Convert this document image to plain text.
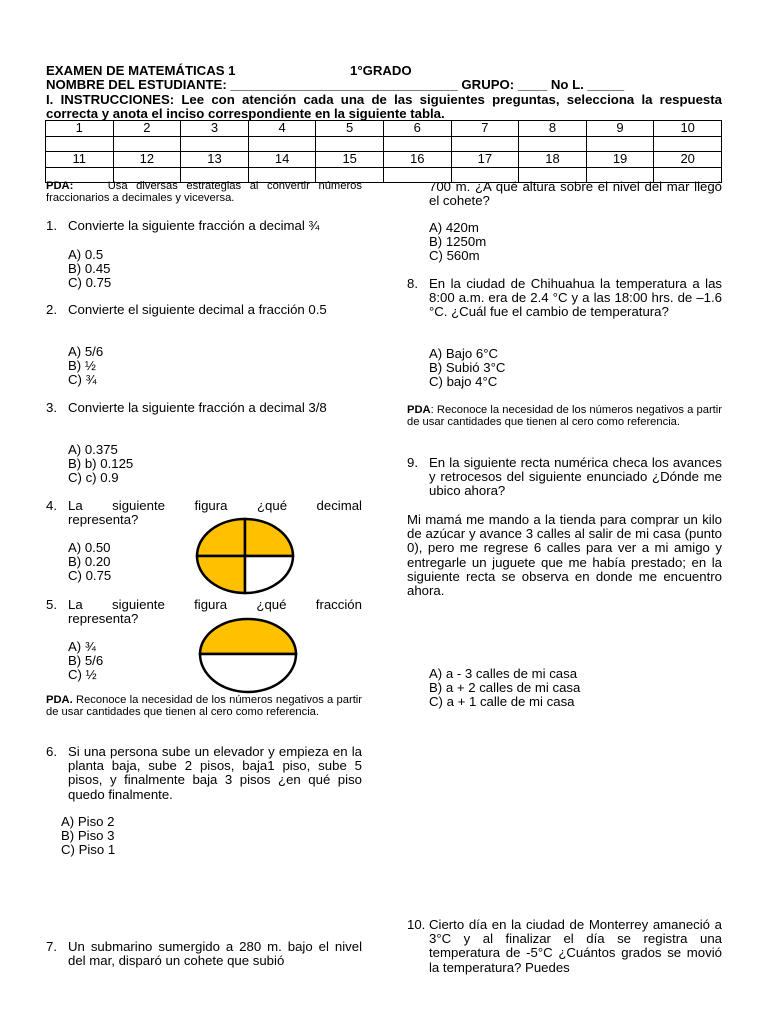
EXAMEN DE MATEMÁTICAS 1	1°GRADO
NOMBRE DEL ESTUDIANTE: _______________________________ GRUPO: ____ No L. _____
I. INSTRUCCIONES: Lee con atención cada una de las siguientes preguntas, selecciona la respuesta correcta y anota el inciso correspondiente en la siguiente tabla.
1	2	3	4	5	6	7	8	9	10

11	12	13	14	15	16	17	18	19	20

PDA:	Usa diversas estrategias al convertir números fraccionarios a decimales y viceversa.
1. Convierte la siguiente fracción a decimal ¾
A) 0.5
B) 0.45
C) 0.75
2. Convierte el siguiente decimal a fracción 0.5
A) 5/6
B) ½
C) ¾
3. Convierte la siguiente fracción a decimal 3/8
A) 0.375
B) b) 0.125
C) c) 0.9
4. La siguiente figura ¿qué decimal
representa?
A) 0.50
B) 0.20
C) 0.75
5. La siguiente figura ¿qué fracción
representa?
A) ¾
B) 5/6
C) ½
PDA. Reconoce la necesidad de los números negativos a partir de usar cantidades que tienen al cero como referencia.
6. Si una persona sube un elevador y empieza en la planta baja, sube 2 pisos, baja1 piso, sube 5 pisos, y finalmente baja 3 pisos ¿en qué piso quedo finalmente.
A) Piso 2
B) Piso 3
C) Piso 1
7. Un submarino sumergido a 280 m. bajo el nivel del mar, disparó un cohete que subió
700 m. ¿A qué altura sobre el nivel del mar llegó el cohete?
A) 420m
B) 1250m
C) 560m
8. En la ciudad de Chihuahua la temperatura a las 8:00 a.m. era de 2.4 °C y a las 18:00 hrs. de –1.6 °C. ¿Cuál fue el cambio de temperatura?
A) Bajo 6°C
B) Subió 3°C
C) bajo 4°C
PDA: Reconoce la necesidad de los números negativos a partir de usar cantidades que tienen al cero como referencia.
9. En la siguiente recta numérica checa los avances y retrocesos del siguiente enunciado ¿Dónde me ubico ahora?
Mi mamá me mando a la tienda para comprar un kilo de azúcar y avance 3 calles al salir de mi casa (punto 0), pero me regrese 6 calles para ver a mi amigo y entregarle un juguete que me había prestado; en la siguiente recta se observa en donde me encuentro ahora.
A) a - 3 calles de mi casa
B) a + 2 calles de mi casa
C) a + 1 calle de mi casa
10. Cierto día en la ciudad de Monterrey amaneció a 3°C y al finalizar el día se registra una temperatura de -5°C ¿Cuántos grados se movió la temperatura? Puedes
